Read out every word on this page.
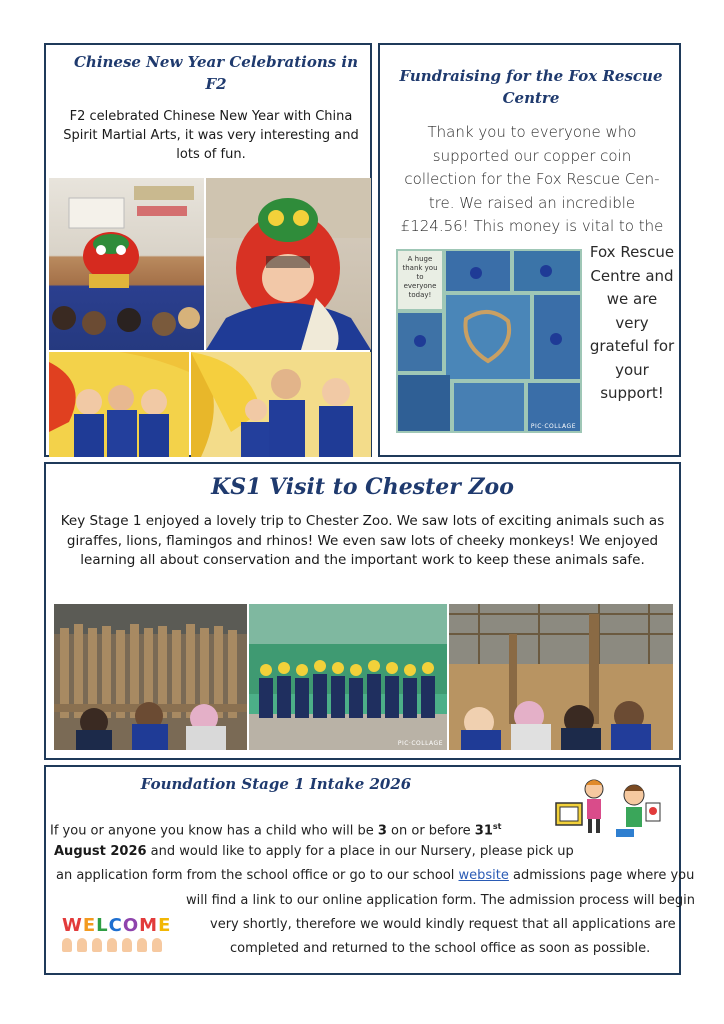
Chinese New Year Celebrations in F2

F2 celebrated Chinese New Year with China Spirit Martial Arts, it was very interesting and lots of fun.

Fundraising for the Fox Rescue Centre

Thank you to everyone who supported our copper coin collection for the Fox Rescue Cen- tre. We raised an incredible £124.56! This money is vital to the

A huge thank you to everyone today!
PIC·COLLAGE

Fox Rescue Centre and we are very grateful for your support!

KS1 Visit to Chester Zoo

Key Stage 1 enjoyed a lovely trip to Chester Zoo. We saw lots of exciting animals such as giraffes, lions, flamingos and rhinos! We even saw lots of cheeky monkeys! We enjoyed learning all about conservation and the important work to keep these animals safe.

PIC·COLLAGE
Foundation Stage 1 Intake 2026
If you or anyone you know has a child who will be 3 on or before 31st
August 2026 and would like to apply for a place in our Nursery, please pick up
an application form from the school office or go to our school website admissions page where you
will find a link to our online application form. The admission process will begin
very shortly, therefore we would kindly request that all applications are
completed and returned to the school office as soon as possible.
WELCOME
